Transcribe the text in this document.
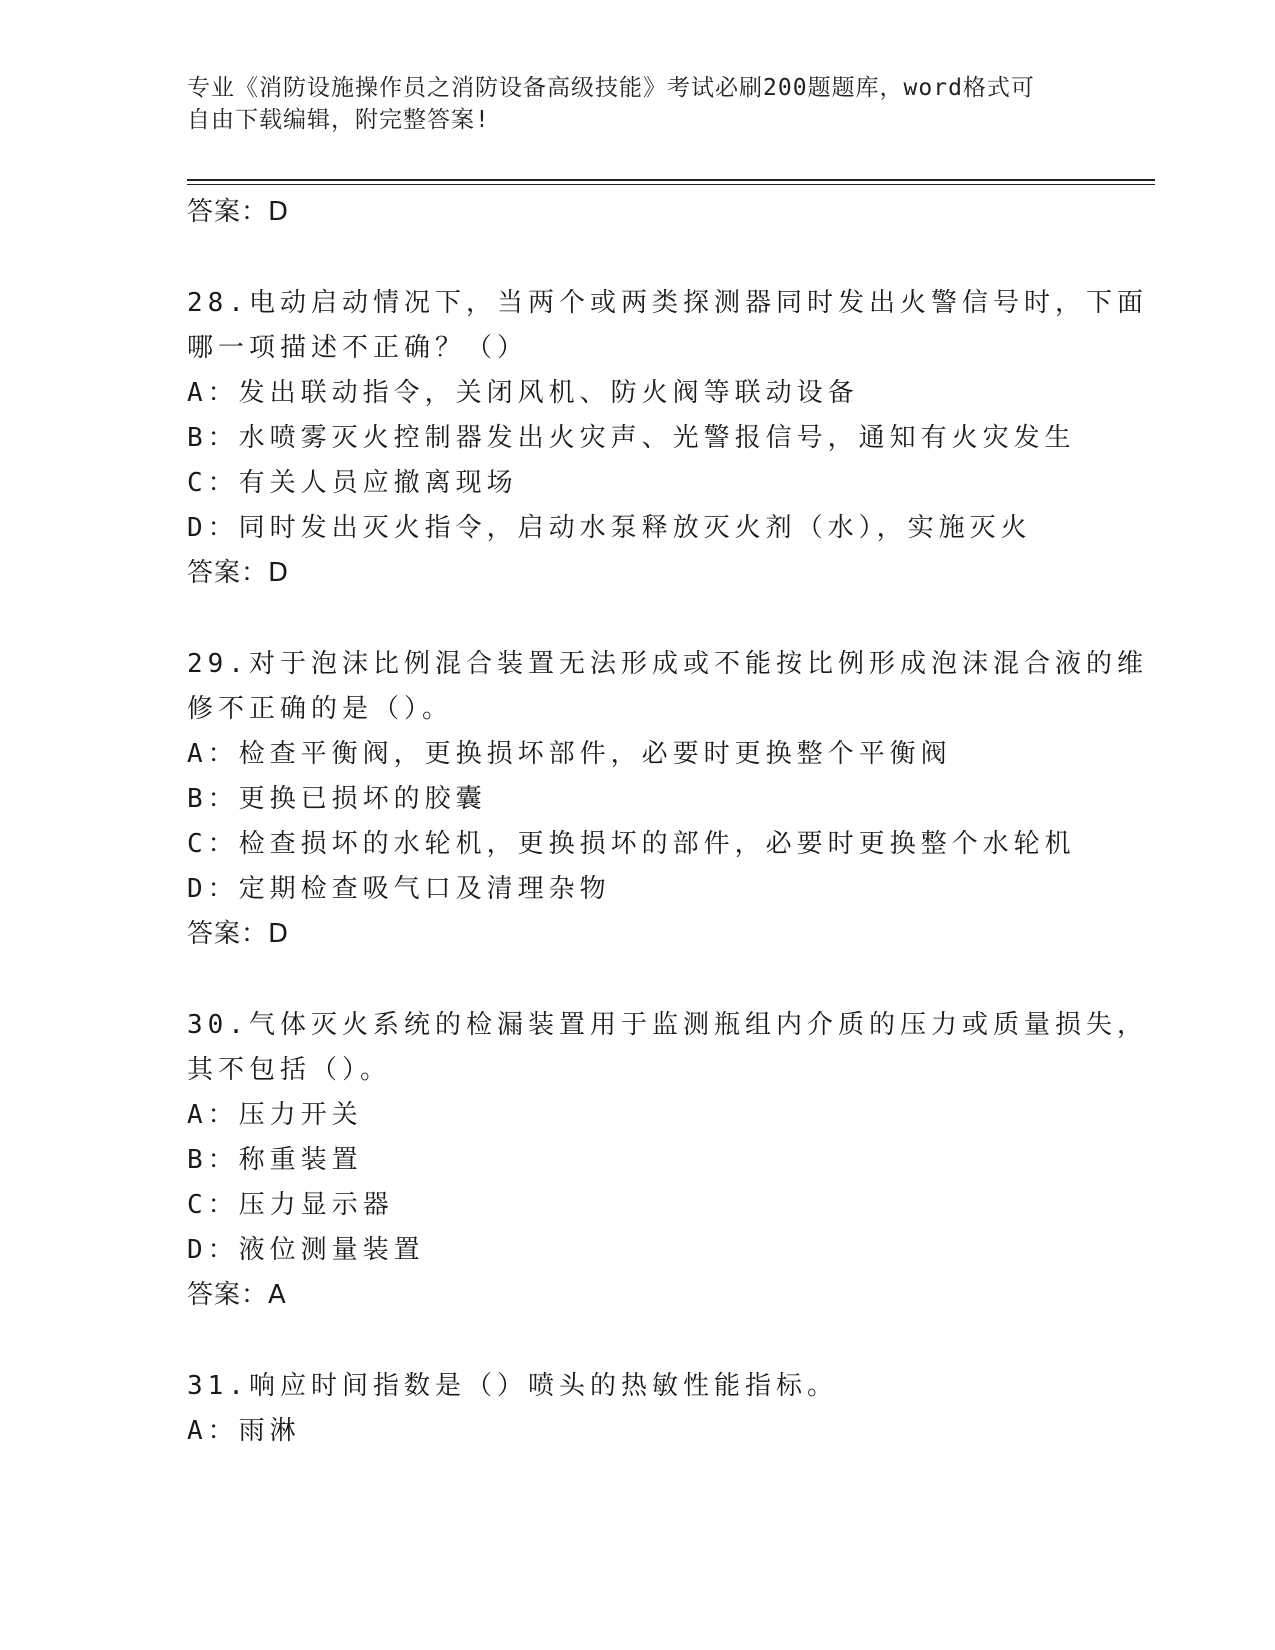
专业《消防设施操作员之消防设备高级技能》考试必刷200题题库，word格式可
自由下载编辑，附完整答案!
答案：D
28.电动启动情况下，当两个或两类探测器同时发出火警信号时，下面
哪一项描述不正确？（）
A：发出联动指令，关闭风机、防火阀等联动设备
B：水喷雾灭火控制器发出火灾声、光警报信号，通知有火灾发生
C：有关人员应撤离现场
D：同时发出灭火指令，启动水泵释放灭火剂（水），实施灭火
答案：D
29.对于泡沫比例混合装置无法形成或不能按比例形成泡沫混合液的维
修不正确的是（）。
A：检查平衡阀，更换损坏部件，必要时更换整个平衡阀
B：更换已损坏的胶囊
C：检查损坏的水轮机，更换损坏的部件，必要时更换整个水轮机
D：定期检查吸气口及清理杂物
答案：D
30.气体灭火系统的检漏装置用于监测瓶组内介质的压力或质量损失，
其不包括（）。
A：压力开关
B：称重装置
C：压力显示器
D：液位测量装置
答案：A
31.响应时间指数是（）喷头的热敏性能指标。
A：雨淋
